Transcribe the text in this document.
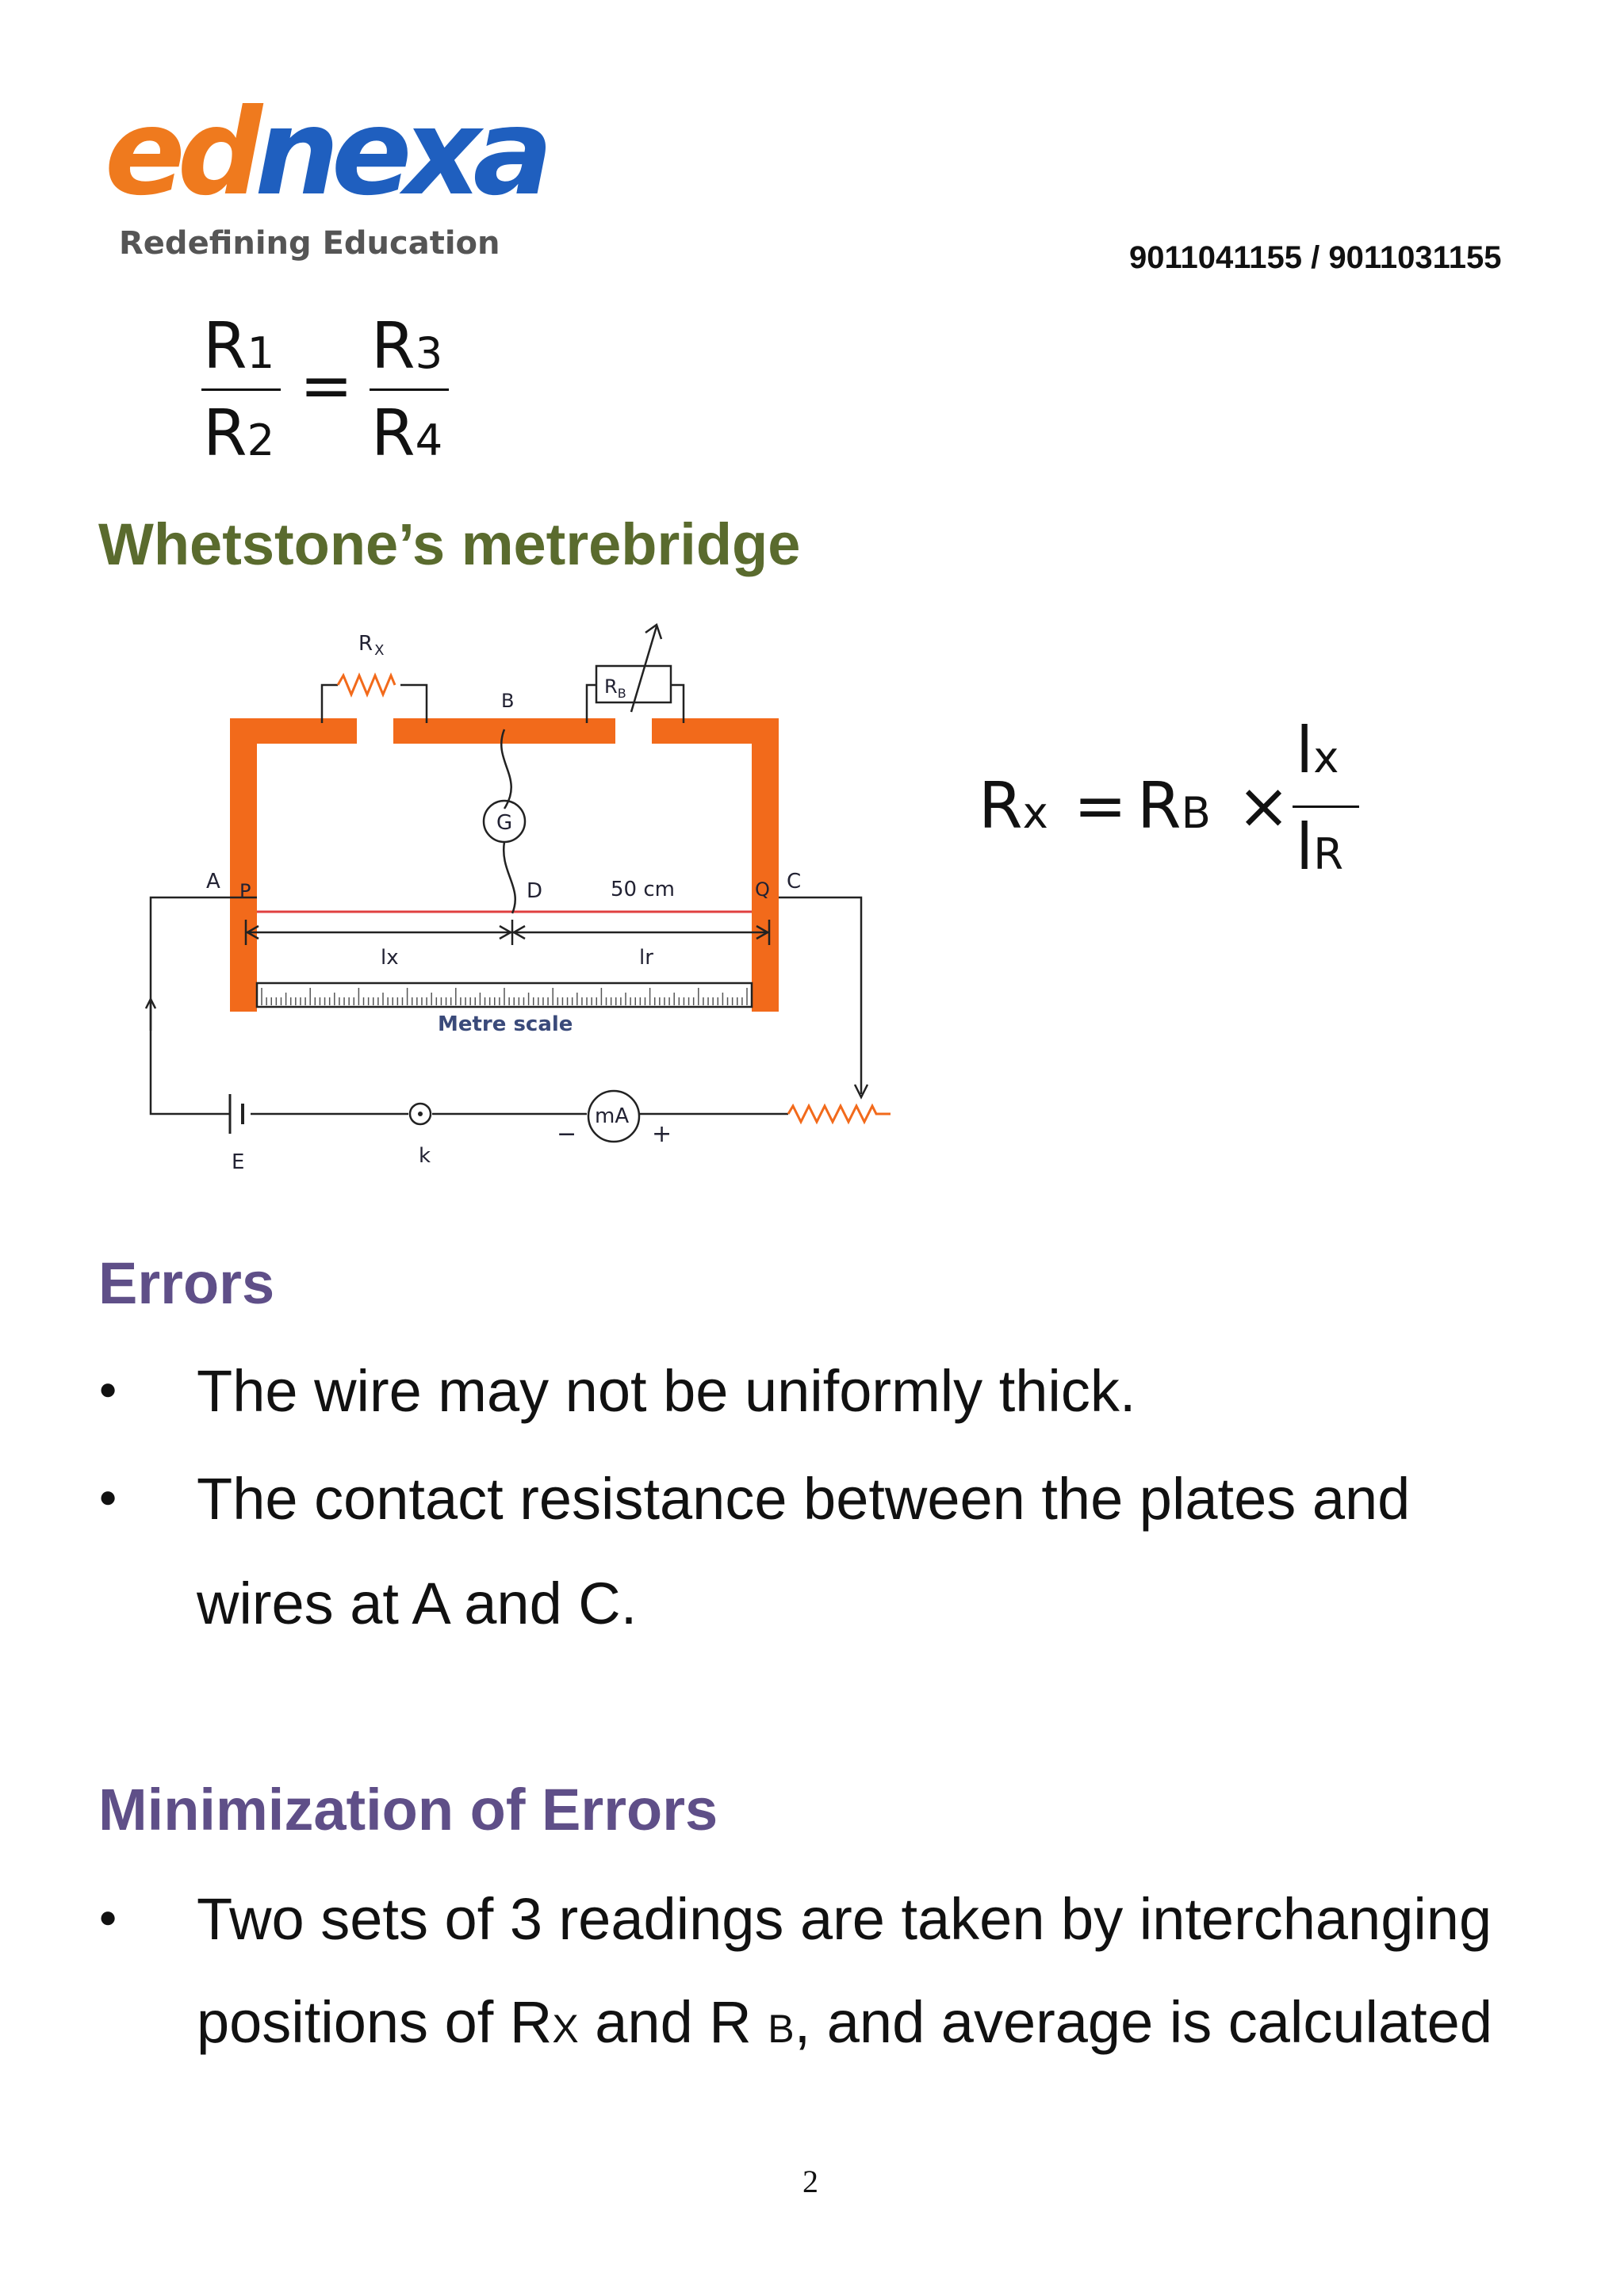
ednexa
Redefining Education	9011041155 / 9011031155
R1
R2
=
R3
R4
Whetstone’s metrebridge
R $_X$
$R_B$
B
G
A P	D	50 cm	Q C
lx	lr
Metre scale
E	k
mA
−	+
Rx = RB ×
lx
lR
Errors
● The wire may not be uniformly thick.
● The contact resistance between the plates and
wires at A and C.
Minimization of Errors
● Two sets of 3 readings are taken by interchanging
positions of RX and R B, and average is calculated
2
